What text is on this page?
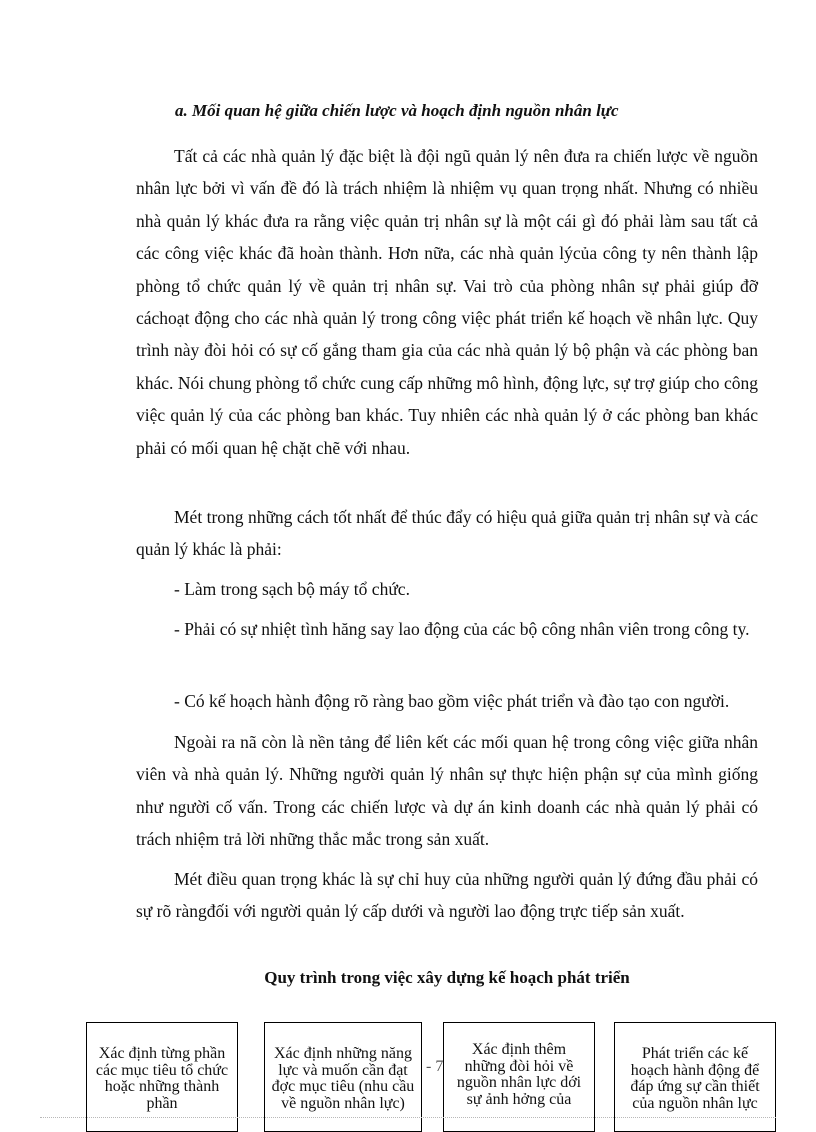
a. Mối quan hệ giữa chiến lược và hoạch định nguồn nhân lực

Tất cả các nhà quản lý đặc biệt là đội ngũ quản lý nên đưa ra chiến lược về nguồn nhân lực bởi vì vấn đề đó là trách nhiệm là nhiệm vụ quan trọng nhất. Nhưng có nhiều nhà quản lý khác đưa ra rằng việc quản trị nhân sự là một cái gì đó phải làm sau tất cả các công việc khác đã hoàn thành. Hơn nữa, các nhà quản lýcủa công ty nên thành lập phòng tổ chức quản lý về quản trị nhân sự. Vai trò của phòng nhân sự phải giúp đỡ cáchoạt động cho các nhà quản lý trong công việc phát triển kế hoạch về nhân lực. Quy trình này đòi hỏi có sự cố gắng tham gia của các nhà quản lý bộ phận và các phòng ban khác. Nói chung phòng tổ chức cung cấp những mô hình, động lực, sự trợ giúp cho công việc quản lý của các phòng ban khác. Tuy nhiên các nhà quản lý ở các phòng ban khác phải có mối quan hệ chặt chẽ với nhau.

Mét trong những cách tốt nhất để thúc đẩy có hiệu quả giữa quản trị nhân sự và các quản lý khác là phải:

- Làm trong sạch bộ máy tổ chức.

- Phải có sự nhiệt tình hăng say lao động của các bộ công nhân viên trong công ty.

- Có kế hoạch hành động rõ ràng bao gồm việc phát triển và đào tạo con người.

Ngoài ra nã còn là nền tảng để liên kết các mối quan hệ trong công việc giữa nhân viên và nhà quản lý. Những người quản lý nhân sự thực hiện phận sự của mình giống như người cố vấn. Trong các chiến lược và dự án kinh doanh các nhà quản lý phải có trách nhiệm trả lời những thắc mắc trong sản xuất.

Mét điều quan trọng khác là sự chỉ huy của những người quản lý đứng đầu phải có sự rõ ràngđối với người quản lý cấp dưới và người lao động trực tiếp sản xuất.

Quy trình trong việc xây dựng kế hoạch phát triển

Xác định từng phần các mục tiêu tổ chức hoặc những thành phần
Xác định những năng lực và muốn cần đạt đợc mục tiêu (nhu cầu về nguồn nhân lực)
- 7
Xác định thêm những đòi hỏi về nguồn nhân lực dới sự ảnh hởng của
Phát triển các kế hoạch hành động để đáp ứng sự cần thiết của nguồn nhân lực
